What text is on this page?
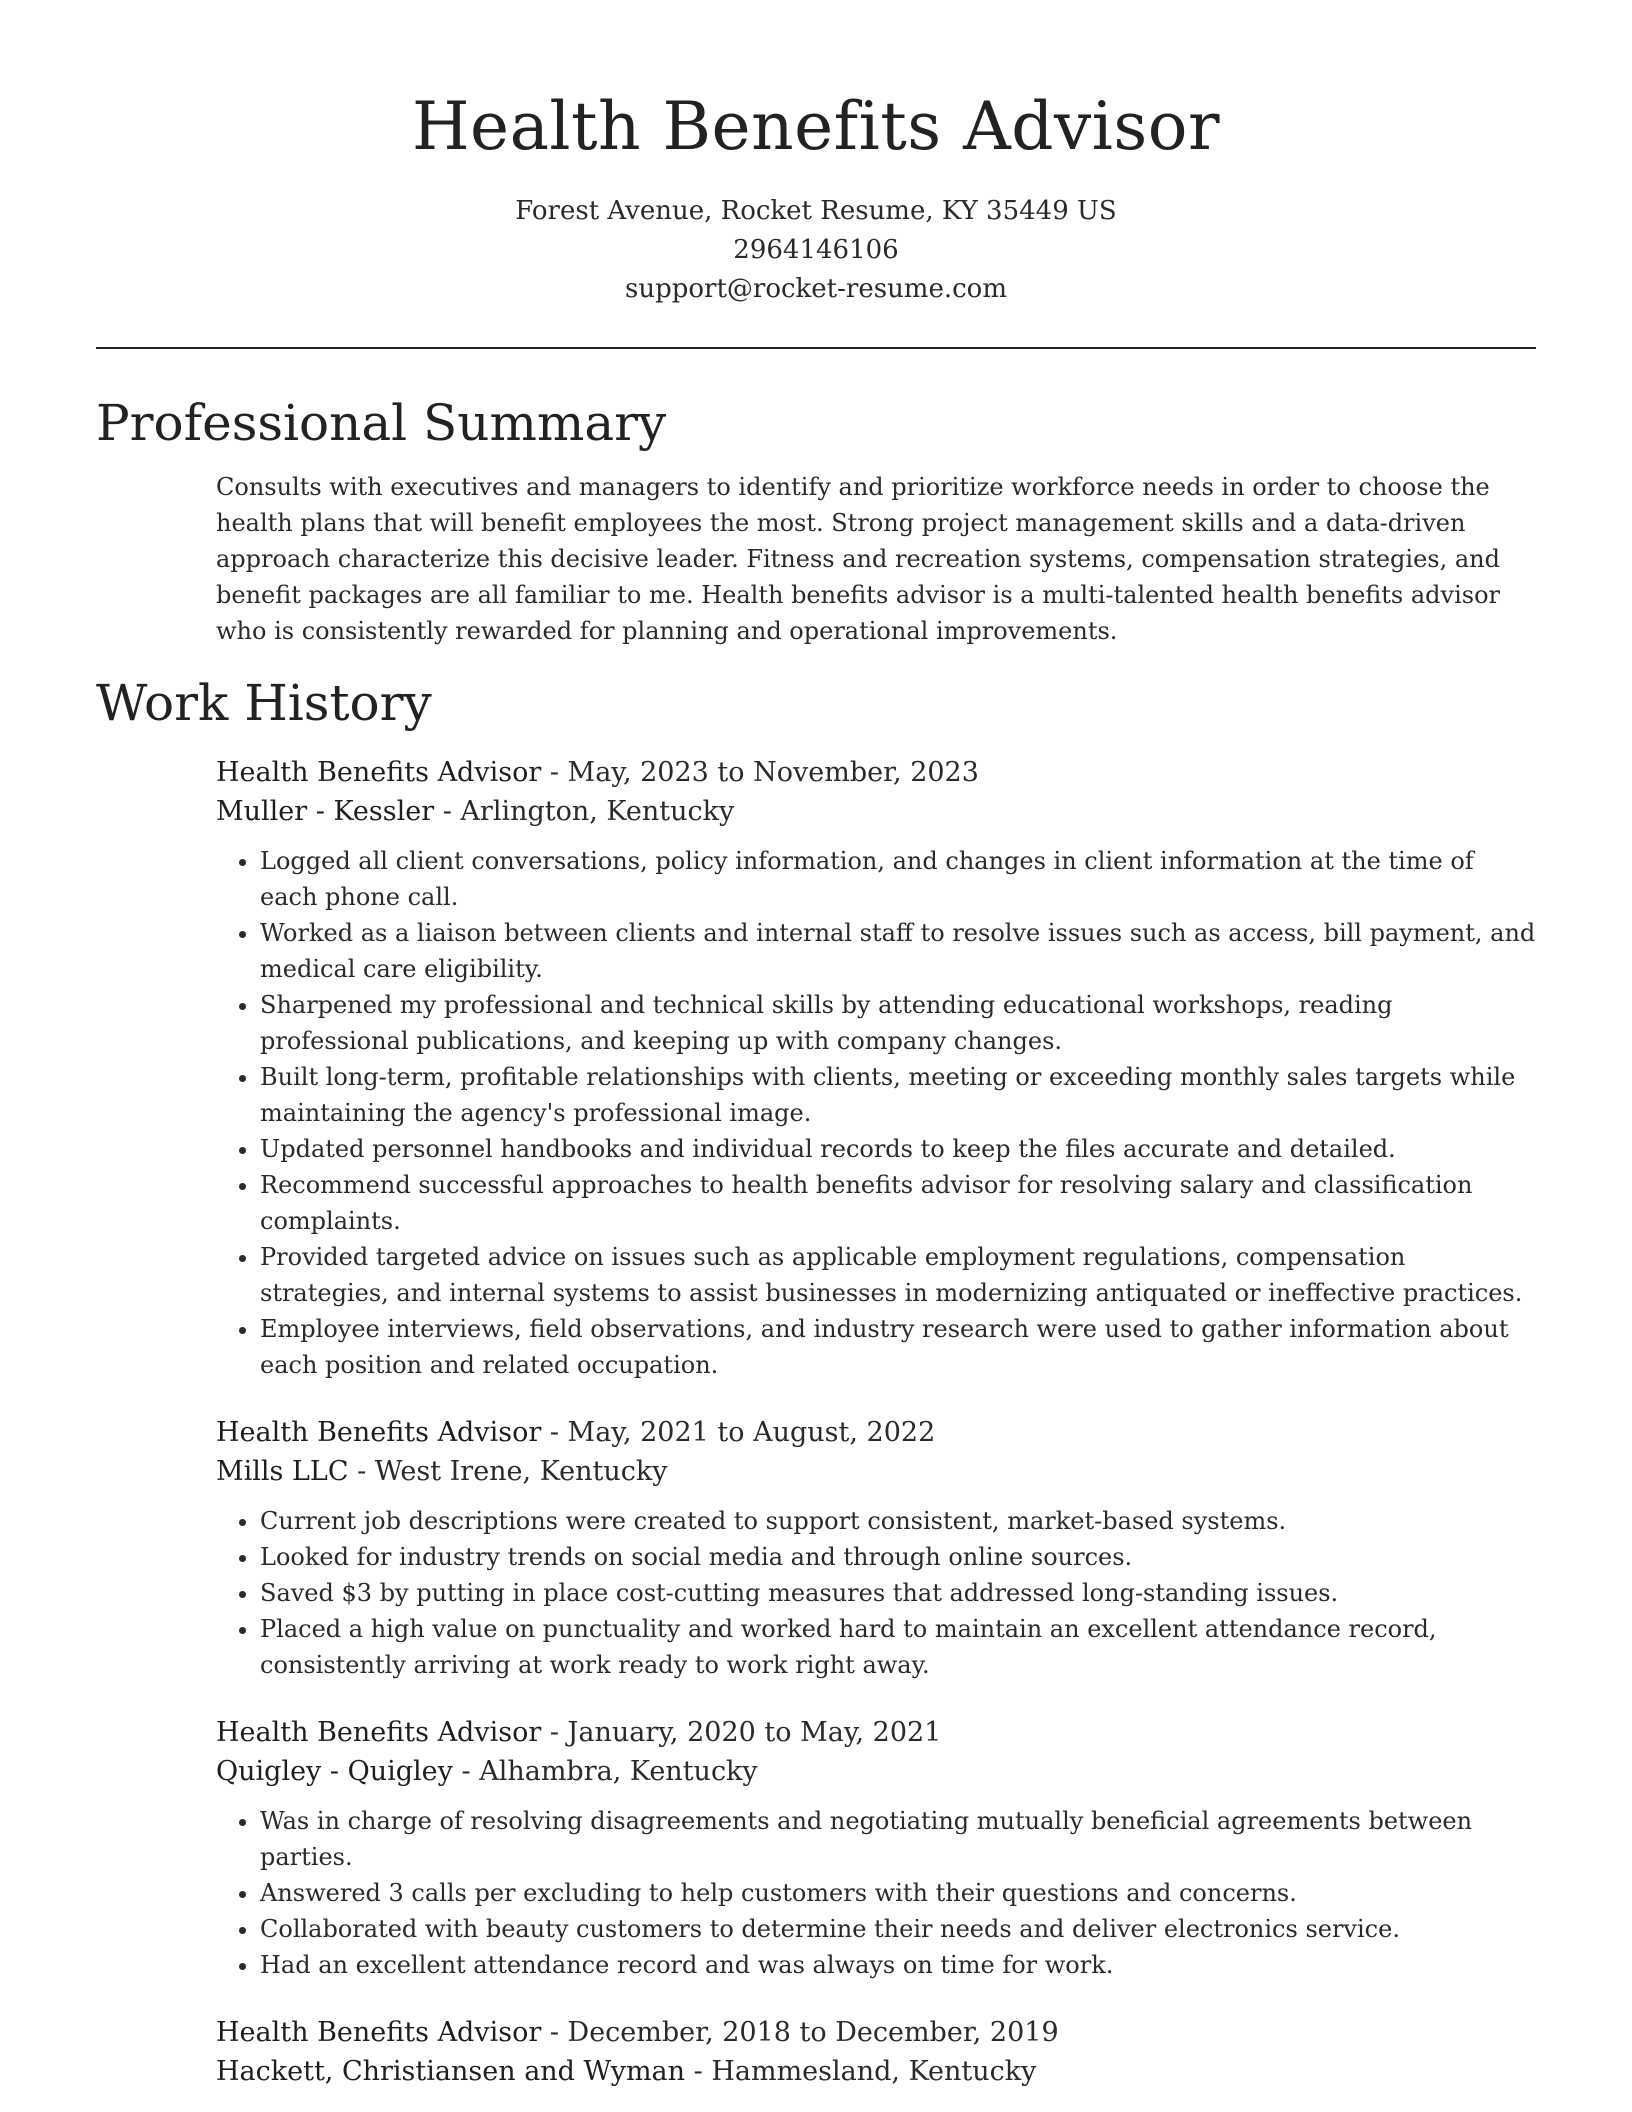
Health Benefits Advisor
Forest Avenue, Rocket Resume, KY 35449 US
2964146106
support@rocket-resume.com
Professional Summary
Consults with executives and managers to identify and prioritize workforce needs in order to choose the health plans that will benefit employees the most. Strong project management skills and a data-driven approach characterize this decisive leader. Fitness and recreation systems, compensation strategies, and benefit packages are all familiar to me. Health benefits advisor is a multi-talented health benefits advisor who is consistently rewarded for planning and operational improvements.
Work History
Health Benefits Advisor - May, 2023 to November, 2023
Muller - Kessler - Arlington, Kentucky
• Logged all client conversations, policy information, and changes in client information at the time of each phone call.
• Worked as a liaison between clients and internal staff to resolve issues such as access, bill payment, and medical care eligibility.
• Sharpened my professional and technical skills by attending educational workshops, reading professional publications, and keeping up with company changes.
• Built long-term, profitable relationships with clients, meeting or exceeding monthly sales targets while maintaining the agency's professional image.
• Updated personnel handbooks and individual records to keep the files accurate and detailed.
• Recommend successful approaches to health benefits advisor for resolving salary and classification complaints.
• Provided targeted advice on issues such as applicable employment regulations, compensation strategies, and internal systems to assist businesses in modernizing antiquated or ineffective practices.
• Employee interviews, field observations, and industry research were used to gather information about each position and related occupation.
Health Benefits Advisor - May, 2021 to August, 2022
Mills LLC - West Irene, Kentucky
• Current job descriptions were created to support consistent, market-based systems.
• Looked for industry trends on social media and through online sources.
• Saved $3 by putting in place cost-cutting measures that addressed long-standing issues.
• Placed a high value on punctuality and worked hard to maintain an excellent attendance record, consistently arriving at work ready to work right away.
Health Benefits Advisor - January, 2020 to May, 2021
Quigley - Quigley - Alhambra, Kentucky
• Was in charge of resolving disagreements and negotiating mutually beneficial agreements between parties.
• Answered 3 calls per excluding to help customers with their questions and concerns.
• Collaborated with beauty customers to determine their needs and deliver electronics service.
• Had an excellent attendance record and was always on time for work.
Health Benefits Advisor - December, 2018 to December, 2019
Hackett, Christiansen and Wyman - Hammesland, Kentucky
